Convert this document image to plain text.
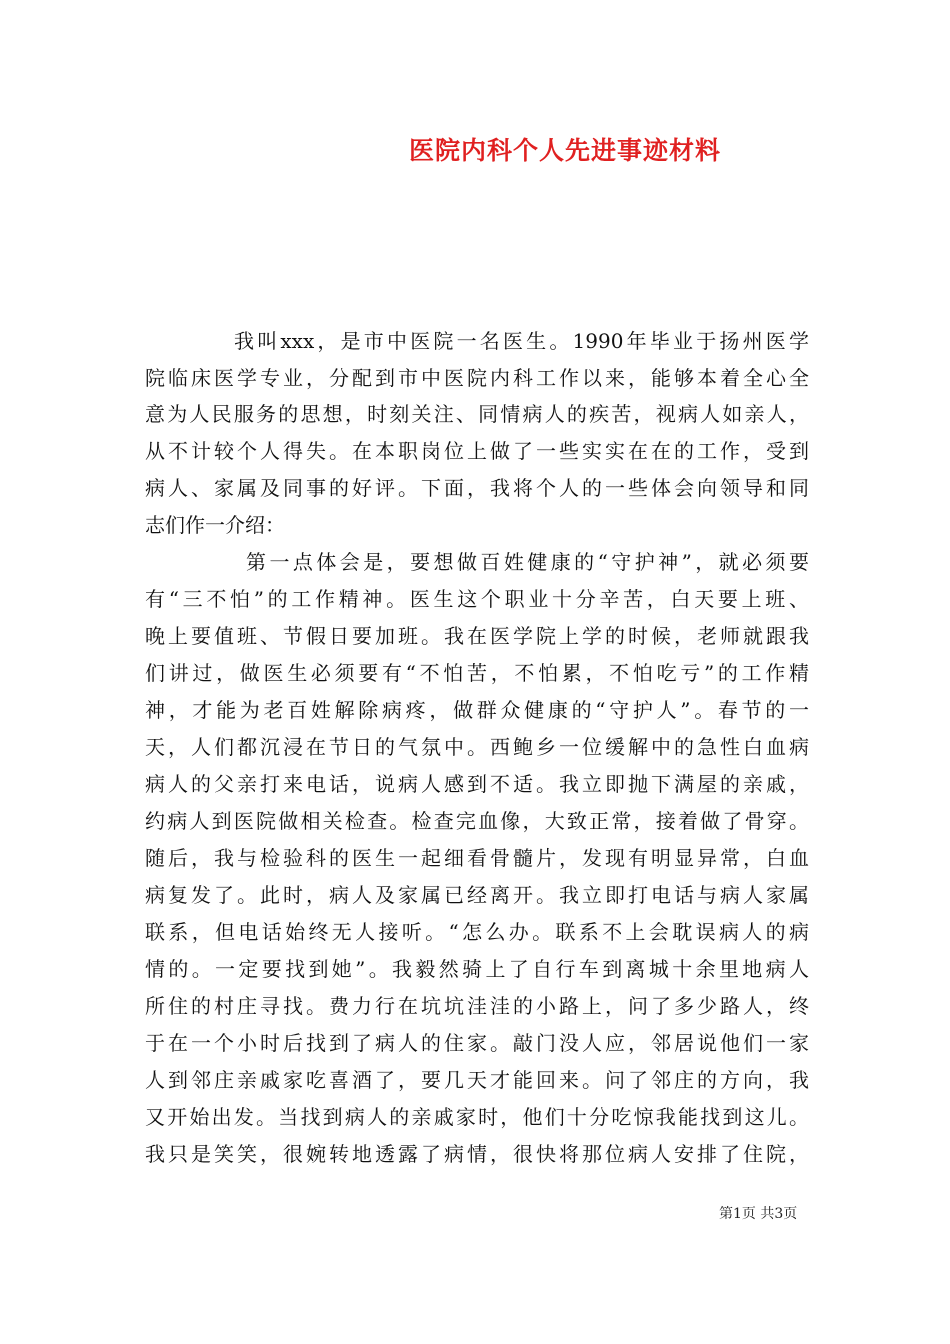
医院内科个人先进事迹材料
我叫xxx，是市中医院一名医生。1990年毕业于扬州医学
院临床医学专业，分配到市中医院内科工作以来，能够本着全心全
意为人民服务的思想，时刻关注、同情病人的疾苦，视病人如亲人，
从不计较个人得失。在本职岗位上做了一些实实在在的工作，受到
病人、家属及同事的好评。下面，我将个人的一些体会向领导和同
志们作一介绍：
第一点体会是，要想做百姓健康的“守护神”，就必须要
有“三不怕”的工作精神。医生这个职业十分辛苦，白天要上班、
晚上要值班、节假日要加班。我在医学院上学的时候，老师就跟我
们讲过，做医生必须要有“不怕苦，不怕累，不怕吃亏”的工作精
神，才能为老百姓解除病疼，做群众健康的“守护人”。春节的一
天，人们都沉浸在节日的气氛中。西鲍乡一位缓解中的急性白血病
病人的父亲打来电话，说病人感到不适。我立即抛下满屋的亲戚，
约病人到医院做相关检查。检查完血像，大致正常，接着做了骨穿。
随后，我与检验科的医生一起细看骨髓片，发现有明显异常，白血
病复发了。此时，病人及家属已经离开。我立即打电话与病人家属
联系，但电话始终无人接听。“怎么办。联系不上会耽误病人的病
情的。一定要找到她”。我毅然骑上了自行车到离城十余里地病人
所住的村庄寻找。费力行在坑坑洼洼的小路上，问了多少路人，终
于在一个小时后找到了病人的住家。敲门没人应，邻居说他们一家
人到邻庄亲戚家吃喜酒了，要几天才能回来。问了邻庄的方向，我
又开始出发。当找到病人的亲戚家时，他们十分吃惊我能找到这儿。
我只是笑笑，很婉转地透露了病情，很快将那位病人安排了住院，
第1页 共3页
